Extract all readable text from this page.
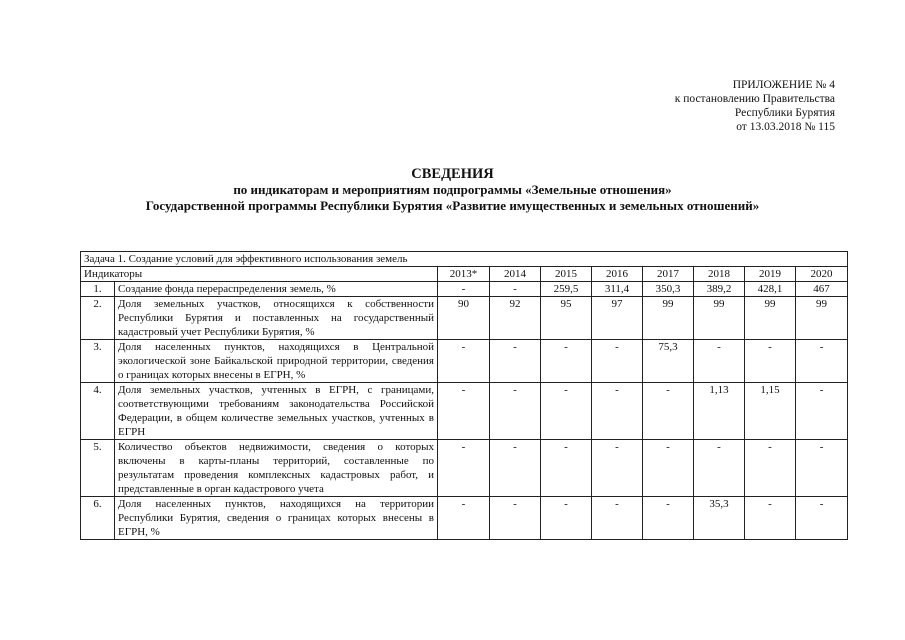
ПРИЛОЖЕНИЕ № 4
к постановлению Правительства
Республики Бурятия
от 13.03.2018 № 115
СВЕДЕНИЯ
по индикаторам и мероприятиям подпрограммы «Земельные отношения»
Государственной программы Республики Бурятия «Развитие имущественных и земельных отношений»
Задача 1. Создание условий для эффективного использования земель									
Индикаторы		2013*	2014	2015	2016	2017	2018	2019	2020
1.	Создание фонда перераспределения земель, %	-	-	259,5	311,4	350,3	389,2	428,1	467
2.	Доля земельных участков, относящихся к собственности Республики Бурятия и поставленных на государственный кадастровый учет Республики Бурятия, %	90	92	95	97	99	99	99	99
3.	Доля населенных пунктов, находящихся в Центральной экологической зоне Байкальской природной территории, сведения о границах которых внесены в ЕГРН, %	-	-	-	-	75,3	-	-	-
4.	Доля земельных участков, учтенных в ЕГРН, с границами, соответствующими требованиям законодательства Российской Федерации, в общем количестве земельных участков, учтенных в ЕГРН	-	-	-	-	-	1,13	1,15	-
5.	Количество объектов недвижимости, сведения о которых включены в карты-планы территорий, составленные по результатам проведения комплексных кадастровых работ, и представленные в орган кадастрового учета	-	-	-	-	-	-	-	-
6.	Доля населенных пунктов, находящихся на территории Республики Бурятия, сведения о границах которых внесены в ЕГРН, %	-	-	-	-	-	35,3	-	-
